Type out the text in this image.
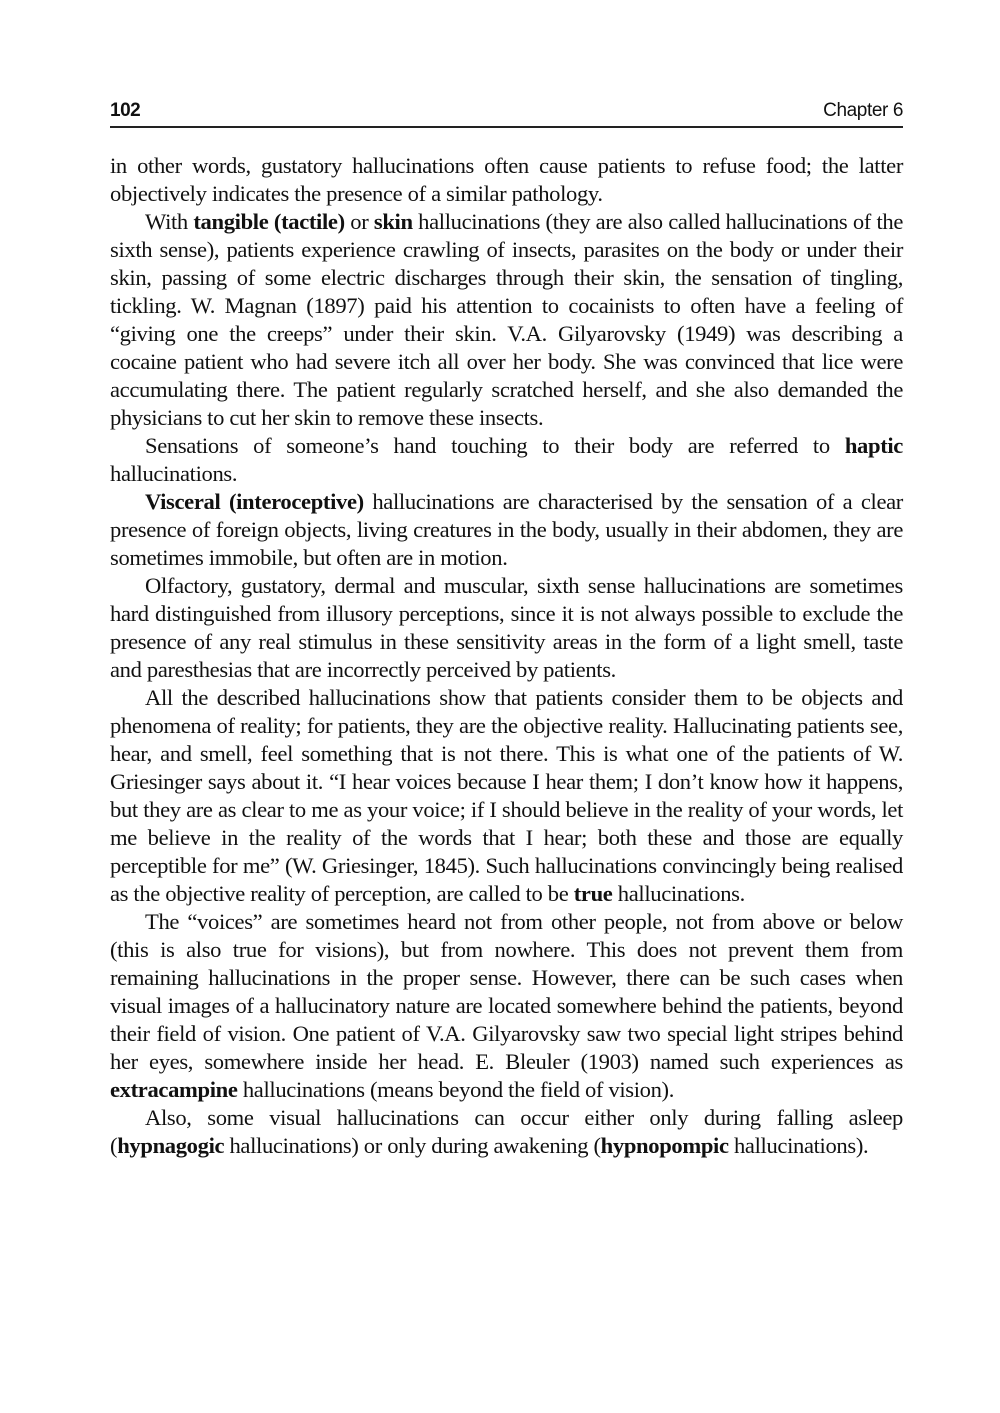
102	Chapter 6

in other words, gustatory hallucinations often cause patients to refuse food; the latter objectively indicates the presence of a similar pathology.

With tangible (tactile) or skin hallucinations (they are also called hallucinations of the sixth sense), patients experience crawling of insects, parasites on the body or under their skin, passing of some electric discharges through their skin, the sensation of tingling, tickling. W. Magnan (1897) paid his attention to cocainists to often have a feeling of “giving one the creeps” under their skin. V.A. Gilyarovsky (1949) was describing a cocaine patient who had severe itch all over her body. She was convinced that lice were accumulating there. The patient regularly scratched herself, and she also demanded the physicians to cut her skin to remove these insects.

Sensations of someone’s hand touching to their body are referred to haptic hallucinations.

Visceral (interoceptive) hallucinations are characterised by the sensation of a clear presence of foreign objects, living creatures in the body, usually in their abdomen, they are sometimes immobile, but often are in motion.

Olfactory, gustatory, dermal and muscular, sixth sense hallucinations are sometimes hard distinguished from illusory perceptions, since it is not always possible to exclude the presence of any real stimulus in these sensitivity areas in the form of a light smell, taste and paresthesias that are incorrectly perceived by patients.

All the described hallucinations show that patients consider them to be objects and phenomena of reality; for patients, they are the objective reality. Hallucinating patients see, hear, and smell, feel something that is not there. This is what one of the patients of W. Griesinger says about it. “I hear voices because I hear them; I don’t know how it happens, but they are as clear to me as your voice; if I should believe in the reality of your words, let me believe in the reality of the words that I hear; both these and those are equally perceptible for me” (W. Griesinger, 1845). Such hallucinations convincingly being realised as the objective reality of perception, are called to be true hallucinations.

The “voices” are sometimes heard not from other people, not from above or below (this is also true for visions), but from nowhere. This does not prevent them from remaining hallucinations in the proper sense. However, there can be such cases when visual images of a hallucinatory nature are located somewhere behind the patients, beyond their field of vision. One patient of V.A. Gilyarovsky saw two special light stripes behind her eyes, somewhere inside her head. E. Bleuler (1903) named such experiences as extracampine hallucinations (means beyond the field of vision).

Also, some visual hallucinations can occur either only during falling asleep (hypnagogic hallucinations) or only during awakening (hypnopompic hallucinations).
